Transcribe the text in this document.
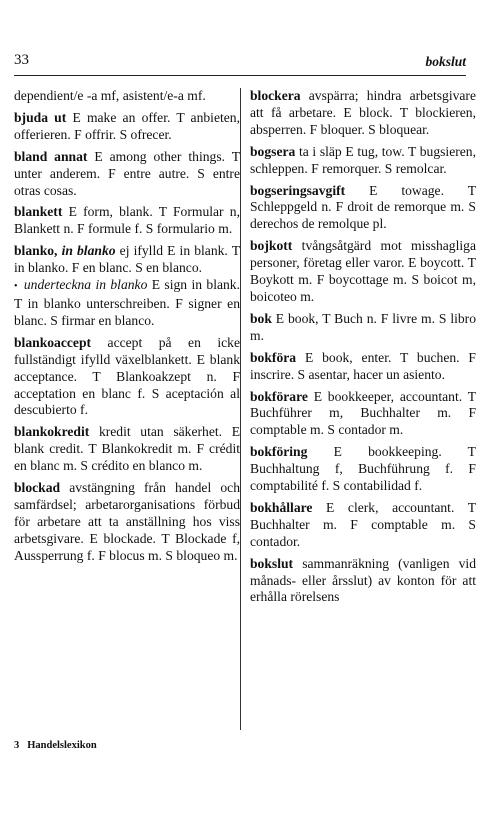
33	bokslut

dependient/e -a mf, asistent/e-a mf.

bjuda ut E make an offer. T anbieten, offerieren. F offrir. S ofrecer.

bland annat E among other things. T unter anderem. F entre autre. S entre otras cosas.

blankett E form, blank. T Formular n, Blankett n. F formule f. S formulario m.

blanko, in blanko ej ifylld E in blank. T in blanko. F en blanc. S en blanco.

• underteckna in blanko E sign in blank. T in blanko unterschreiben. F signer en blanc. S firmar en blanco.

blankoaccept accept på en icke fullständigt ifylld växelblankett. E blank acceptance. T Blankoakzept n. F acceptation en blanc f. S aceptación al descubierto f.

blankokredit kredit utan säkerhet. E blank credit. T Blankokredit m. F crédit en blanc m. S crédito en blanco m.

blockad avstängning från handel och samfärdsel; arbetarorganisations förbud för arbetare att ta anställning hos viss arbetsgivare. E blockade. T Blockade f, Aussperrung f. F blocus m. S bloqueo m.

blockera avspärra; hindra arbetsgivare att få arbetare. E block. T blockieren, absperren. F bloquer. S bloquear.

bogsera ta i släp E tug, tow. T bugsieren, schleppen. F remorquer. S remolcar.

bogseringsavgift E towage. T Schleppgeld n. F droit de remorque m. S derechos de remolque pl.

bojkott tvångsåtgärd mot misshagliga personer, företag eller varor. E boycott. T Boykott m. F boycottage m. S boicot m, boicoteo m.

bok E book, T Buch n. F livre m. S libro m.

bokföra E book, enter. T buchen. F inscrire. S asentar, hacer un asiento.

bokförare E bookkeeper, accountant. T Buchführer m, Buchhalter m. F comptable m. S contador m.

bokföring E bookkeeping. T Buchhaltung f, Buchführung f. F comptabilité f. S contabilidad f.

bokhållare E clerk, accountant. T Buchhalter m. F comptable m. S contador.

bokslut sammanräkning (vanligen vid månads- eller årsslut) av konton för att erhålla rörelsens

3 Handelslexikon
